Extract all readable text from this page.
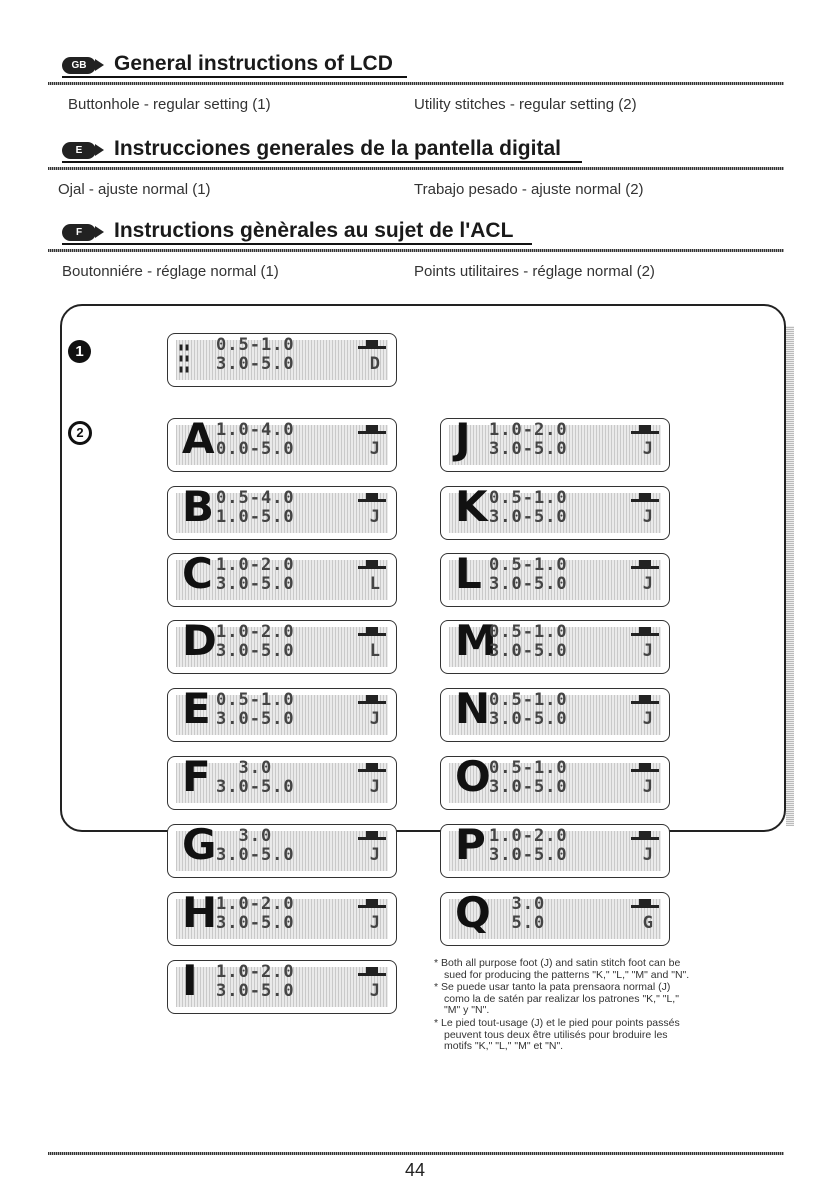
GB	General instructions of LCD
Buttonhole - regular setting (1)	Utility stitches - regular setting (2)
E	Instrucciones generales de la pantella digital
Ojal - ajuste normal (1)	Trabajo pesado - ajuste normal (2)
F	Instructions gènèrales au sujet de l'ACL
Boutonniére - réglage normal (1)	Points utilitaires - réglage normal (2)
1
2
▮▮
▮▮
▮▮
0.5-1.0
3.0-5.0	D
A 1.0-4.0
0.0-5.0	J
B 0.5-4.0
1.0-5.0	J
C 1.0-2.0
3.0-5.0	L
D 1.0-2.0
3.0-5.0	L
E 0.5-1.0
3.0-5.0	J
F 3.0
3.0-5.0	J
G 3.0
3.0-5.0	J
H
1.0-2.0
3.0-5.0	J
I 1.0-2.0
3.0-5.0	J
J 1.0-2.0
3.0-5.0	J
K 0.5-1.0
3.0-5.0	J
L 0.5-1.0
3.0-5.0	J
M
0.5-1.0
3.0-5.0	J
N
0.5-1.0
3.0-5.0	J
O
0.5-1.0
3.0-5.0	J
P 1.0-2.0
3.0-5.0	J
Q
3.0
5.0	G

* Both all purpose foot (J) and satin stitch foot can be sued for producing the patterns "K," "L," "M" and "N".

* Se puede usar tanto la pata prensaora normal (J) como la de satén par realizar los patrones "K," "L," "M" y "N".

* Le pied tout-usage (J) et le pied pour points passés peuvent tous deux être utilisés pour broduire les motifs "K," "L," "M" et "N".

44
